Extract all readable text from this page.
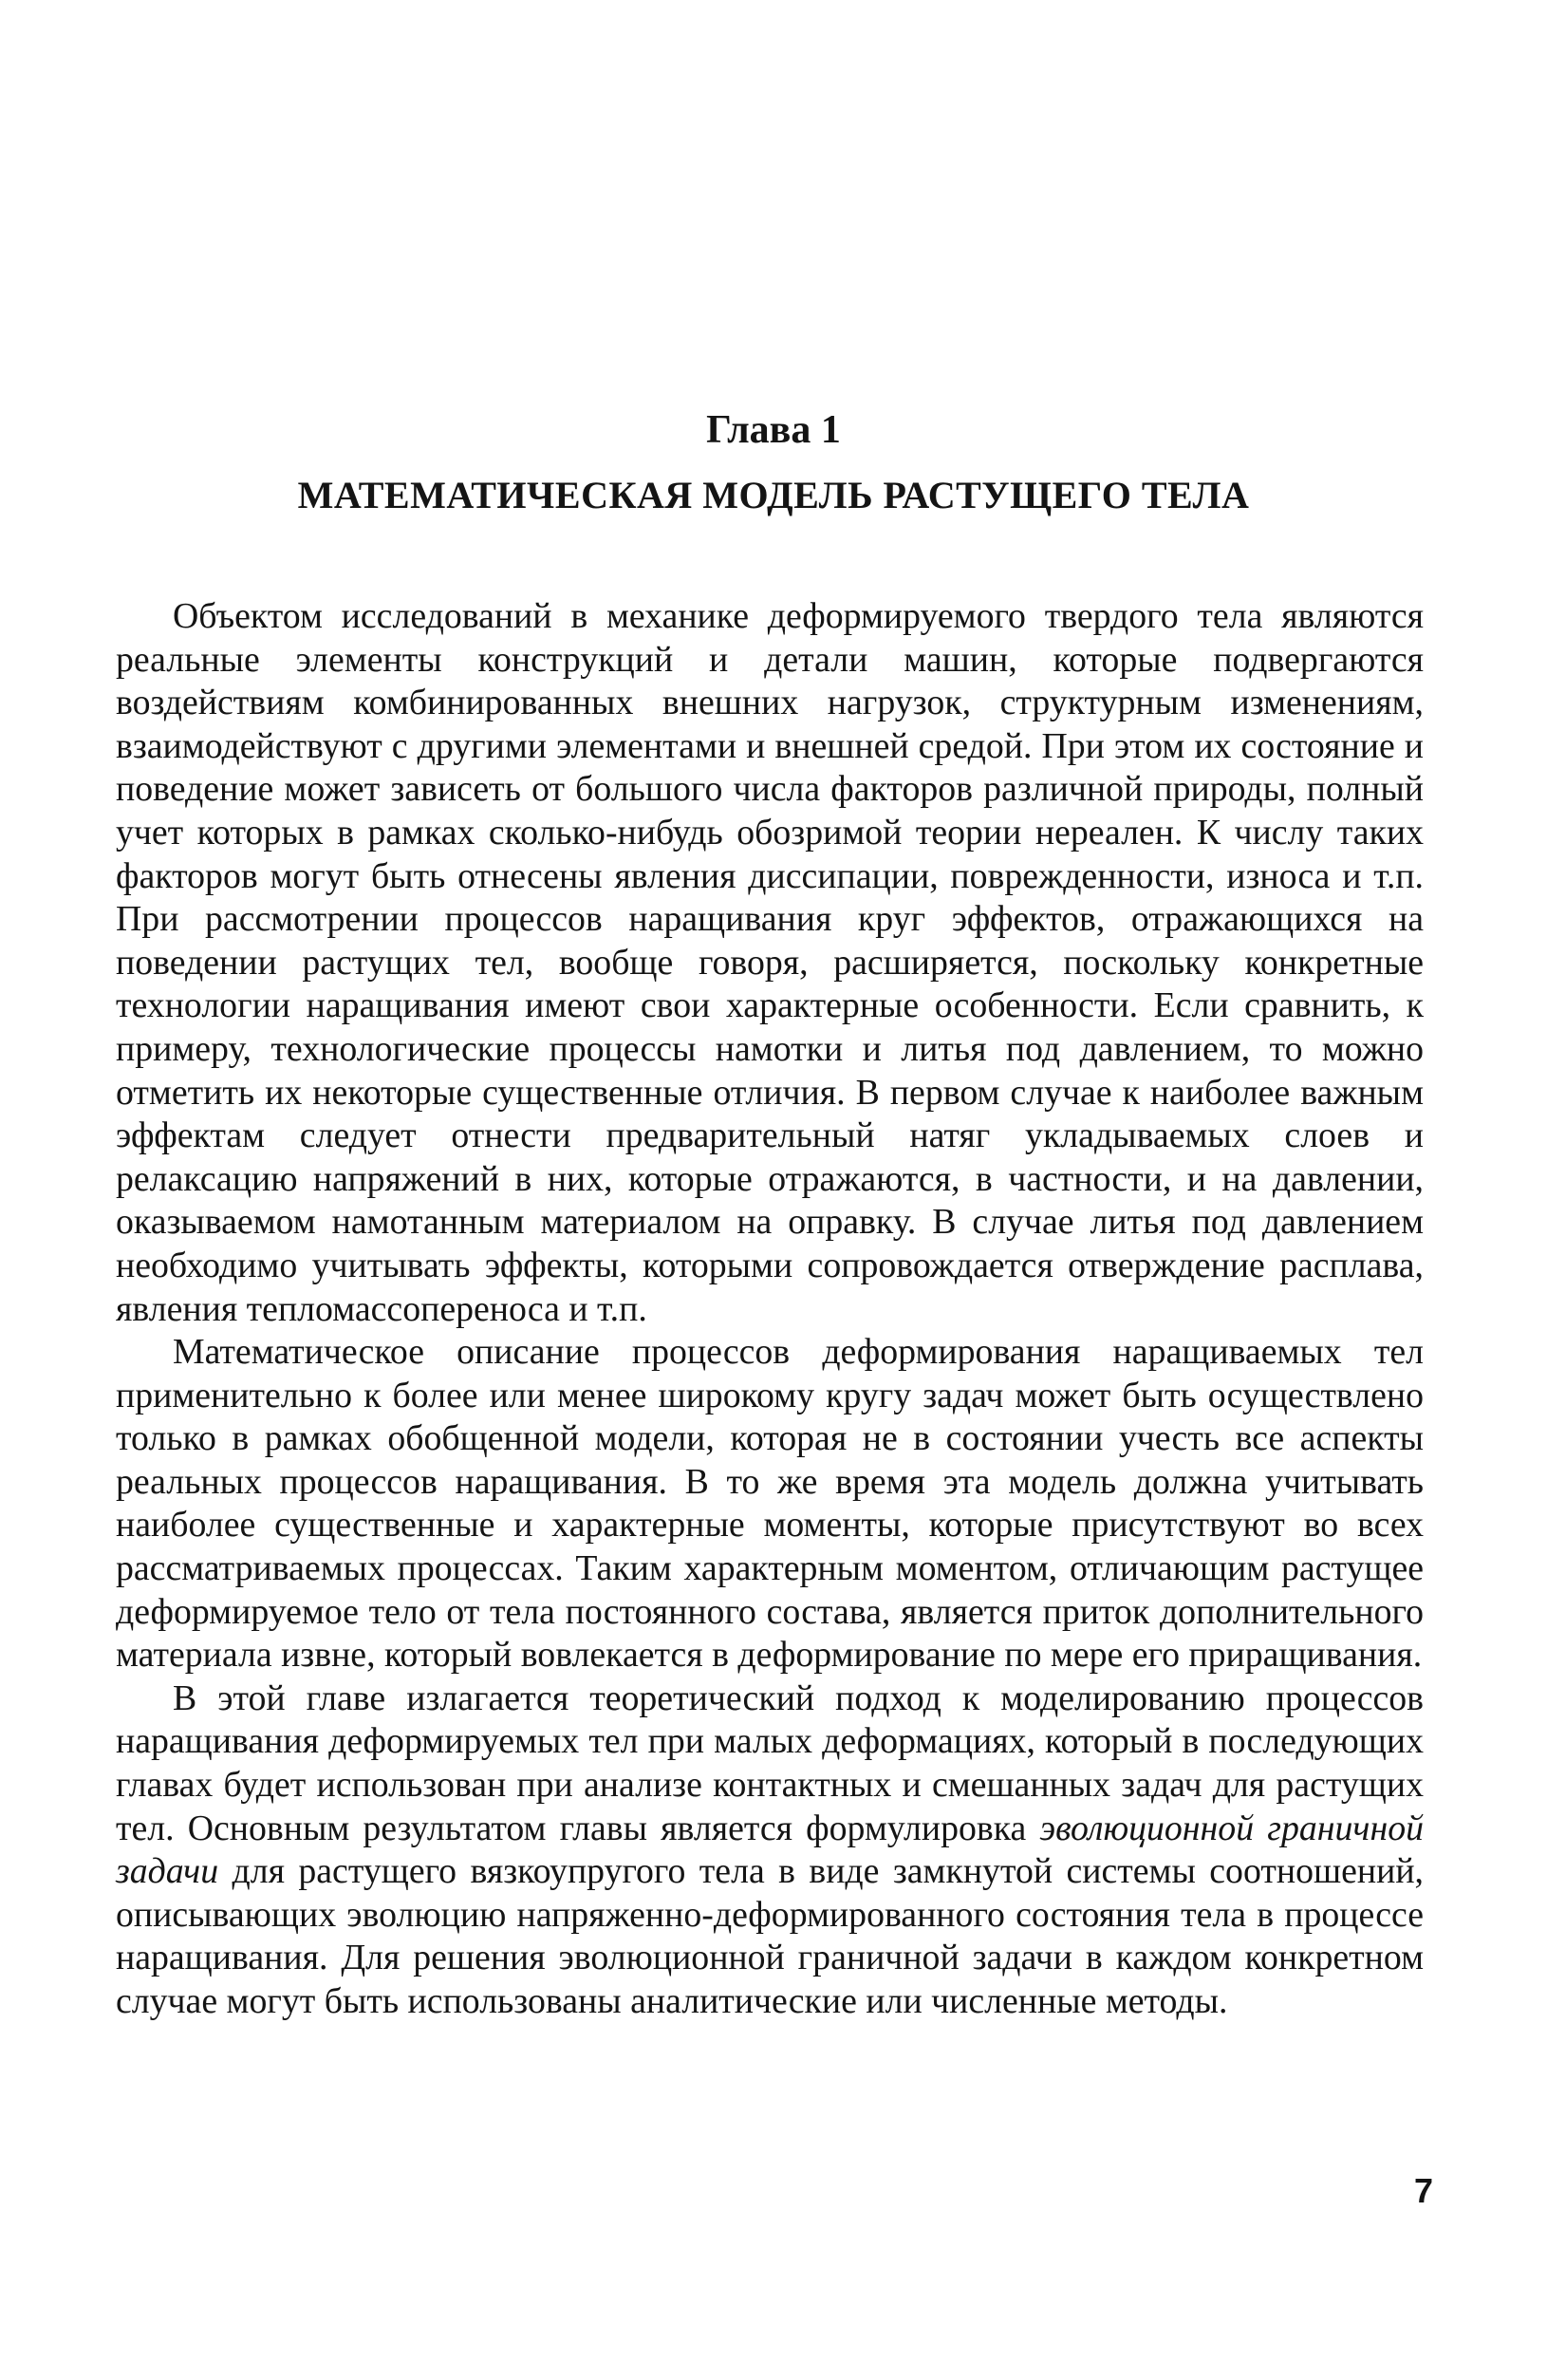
Глава 1
МАТЕМАТИЧЕСКАЯ МОДЕЛЬ РАСТУЩЕГО ТЕЛА

Объектом исследований в механике деформируемого твердого тела являются реальные элементы конструкций и детали машин, которые подвергаются воздействиям комбинированных внешних нагрузок, структурным изменениям, взаимодействуют с другими элементами и внешней средой. При этом их состояние и поведение может зависеть от большого числа факторов различной природы, полный учет которых в рамках сколько-нибудь обозримой теории нереален. К числу таких факторов могут быть отнесены явления диссипации, поврежденности, износа и т.п. При рассмотрении процессов наращивания круг эффектов, отражающихся на поведении растущих тел, вообще говоря, расширяется, поскольку конкретные технологии наращивания имеют свои характерные особенности. Если сравнить, к примеру, технологические процессы намотки и литья под давлением, то можно отметить их некоторые существенные отличия. В первом случае к наиболее важным эффектам следует отнести предварительный натяг укладываемых слоев и релаксацию напряжений в них, которые отражаются, в частности, и на давлении, оказываемом намотанным материалом на оправку. В случае литья под давлением необходимо учитывать эффекты, которыми сопровождается отверждение расплава, явления тепломассопереноса и т.п.

Математическое описание процессов деформирования наращиваемых тел применительно к более или менее широкому кругу задач может быть осуществлено только в рамках обобщенной модели, которая не в состоянии учесть все аспекты реальных процессов наращивания. В то же время эта модель должна учитывать наиболее существенные и характерные моменты, которые присутствуют во всех рассматриваемых процессах. Таким характерным моментом, отличающим растущее деформируемое тело от тела постоянного состава, является приток дополнительного материала извне, который вовлекается в деформирование по мере его приращивания.

В этой главе излагается теоретический подход к моделированию процессов наращивания деформируемых тел при малых деформациях, который в последующих главах будет использован при анализе контактных и смешанных задач для растущих тел. Основным результатом главы является формулировка эволюционной граничной задачи для растущего вязкоупругого тела в виде замкнутой системы соотношений, описывающих эволюцию напряженно-деформированного состояния тела в процессе наращивания. Для решения эволюционной граничной задачи в каждом конкретном случае могут быть использованы аналитические или численные методы.

7
